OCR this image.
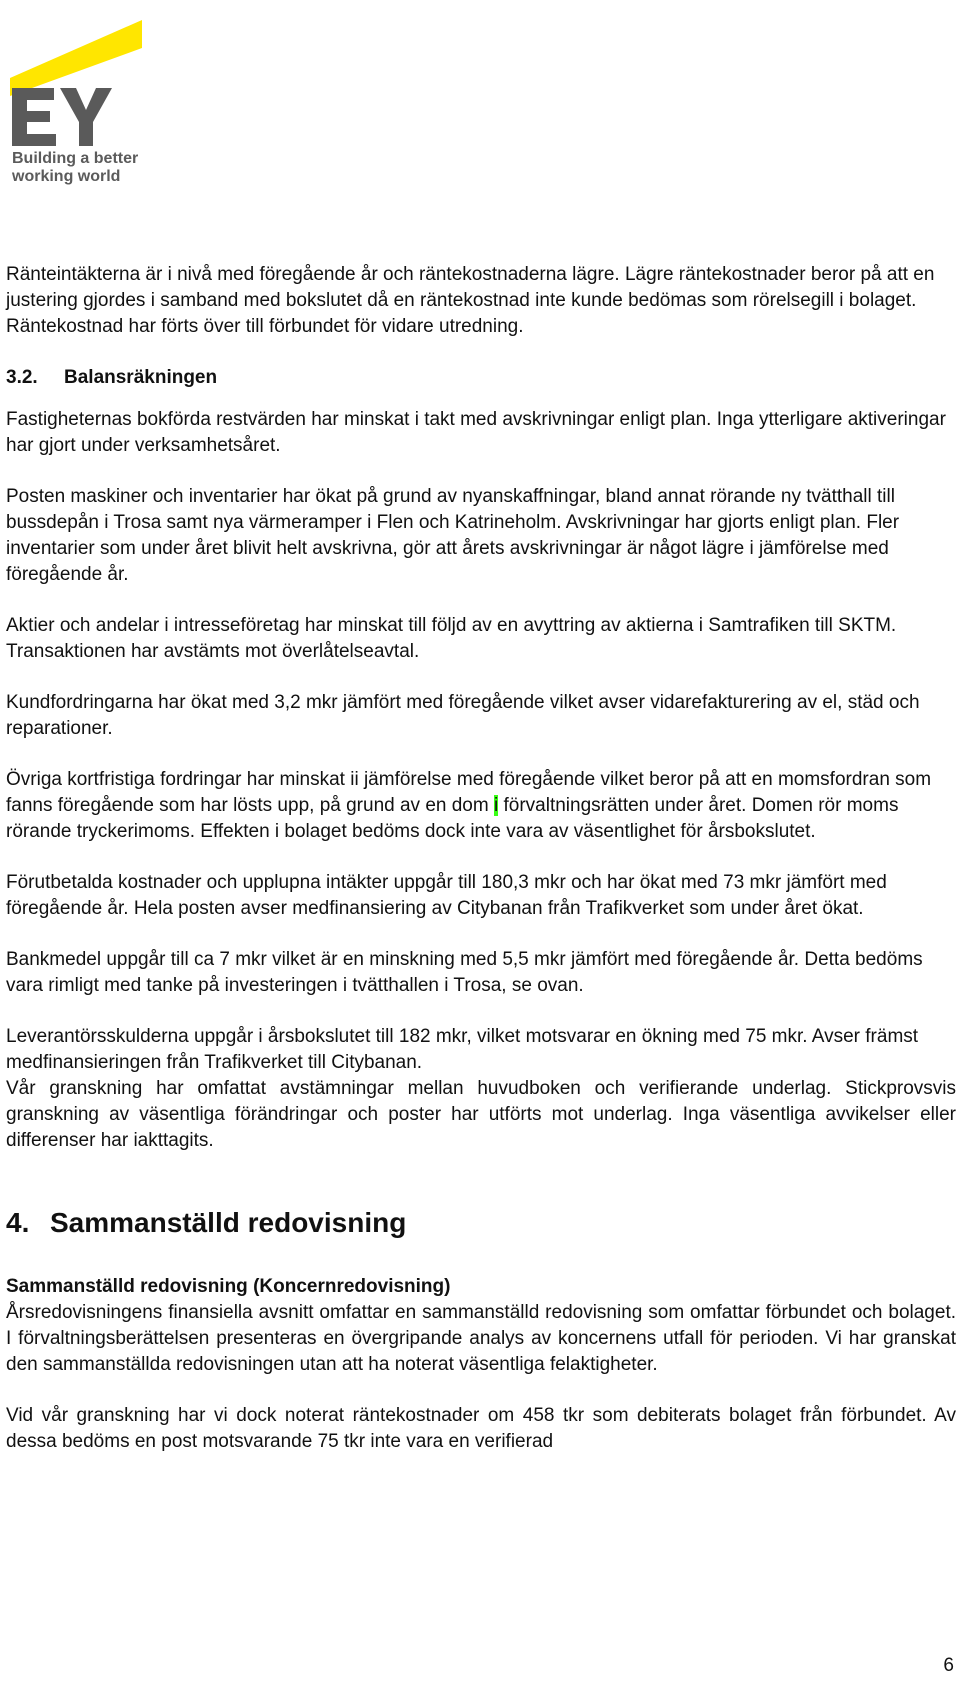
Building a better
working world

Ränteintäkterna är i nivå med föregående år och räntekostnaderna lägre. Lägre räntekostnader beror på att en justering gjordes i samband med bokslutet då en räntekostnad inte kunde bedömas som rörelsegill i bolaget. Räntekostnad har förts över till förbundet för vidare utredning.

3.2. Balansräkningen

Fastigheternas bokförda restvärden har minskat i takt med avskrivningar enligt plan. Inga ytterligare aktiveringar har gjort under verksamhetsåret.

Posten maskiner och inventarier har ökat på grund av nyanskaffningar, bland annat rörande ny tvätthall till bussdepån i Trosa samt nya värmeramper i Flen och Katrineholm. Avskrivningar har gjorts enligt plan. Fler inventarier som under året blivit helt avskrivna, gör att årets avskrivningar är något lägre i jämförelse med föregående år.

Aktier och andelar i intresseföretag har minskat till följd av en avyttring av aktierna i Samtrafiken till SKTM. Transaktionen har avstämts mot överlåtelseavtal.

Kundfordringarna har ökat med 3,2 mkr jämfört med föregående vilket avser vidarefakturering av el, städ och reparationer.

Övriga kortfristiga fordringar har minskat ii jämförelse med föregående vilket beror på att en momsfordran som fanns föregående som har lösts upp, på grund av en dom i förvaltningsrätten under året. Domen rör moms rörande tryckerimoms. Effekten i bolaget bedöms dock inte vara av väsentlighet för årsbokslutet.

Förutbetalda kostnader och upplupna intäkter uppgår till 180,3 mkr och har ökat med 73 mkr jämfört med föregående år. Hela posten avser medfinansiering av Citybanan från Trafikverket som under året ökat.

Bankmedel uppgår till ca 7 mkr vilket är en minskning med 5,5 mkr jämfört med föregående år. Detta bedöms vara rimligt med tanke på investeringen i tvätthallen i Trosa, se ovan.

Leverantörsskulderna uppgår i årsbokslutet till 182 mkr, vilket motsvarar en ökning med 75 mkr. Avser främst medfinansieringen från Trafikverket till Citybanan.

Vår granskning har omfattat avstämningar mellan huvudboken och verifierande underlag. Stickprovsvis granskning av väsentliga förändringar och poster har utförts mot underlag. Inga väsentliga avvikelser eller differenser har iakttagits.

4. Sammanställd redovisning
Sammanställd redovisning (Koncernredovisning)

Årsredovisningens finansiella avsnitt omfattar en sammanställd redovisning som omfattar förbundet och bolaget. I förvaltningsberättelsen presenteras en övergripande analys av koncernens utfall för perioden. Vi har granskat den sammanställda redovisningen utan att ha noterat väsentliga felaktigheter.

Vid vår granskning har vi dock noterat räntekostnader om 458 tkr som debiterats bolaget från förbundet. Av dessa bedöms en post motsvarande 75 tkr inte vara en verifierad

6
